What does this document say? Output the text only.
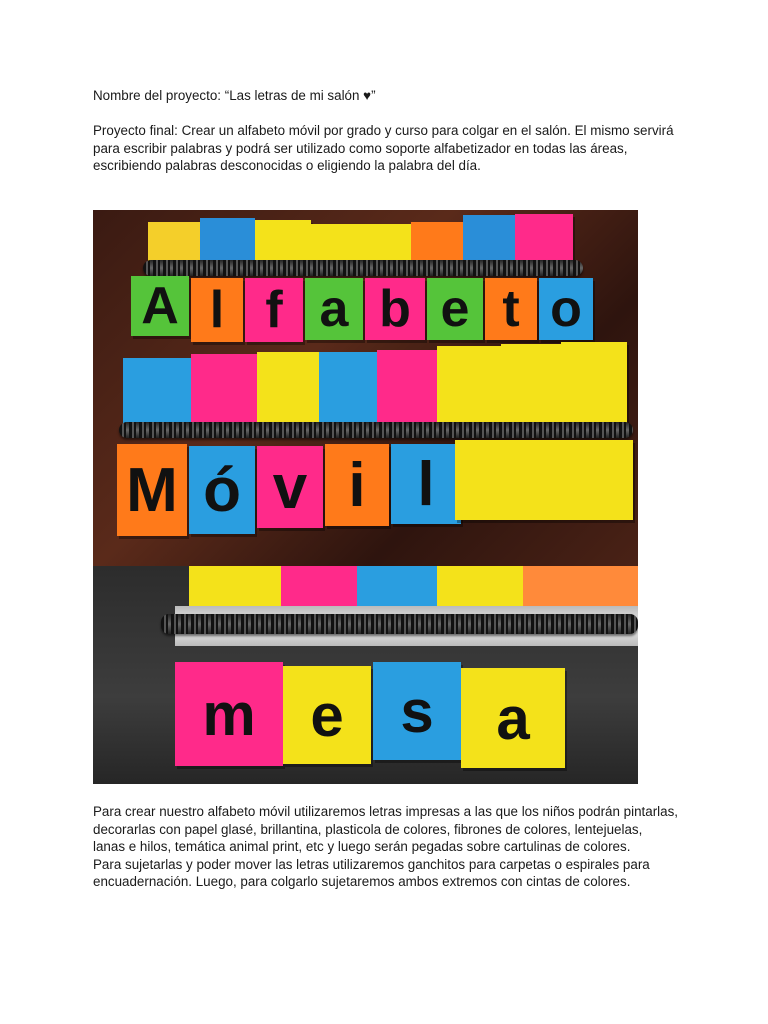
Nombre del proyecto: “Las letras de mi salón ♥”

Proyecto final: Crear un alfabeto móvil por grado y curso para colgar en el salón. El mismo servirá para escribir palabras y podrá ser utilizado como soporte alfabetizador en todas las áreas, escribiendo palabras desconocidas o eligiendo la palabra del día.

A l f a b e t o
M ó v i l
m e s	a

Para crear nuestro alfabeto móvil utilizaremos letras impresas a las que los niños podrán pintarlas, decorarlas con papel glasé, brillantina, plasticola de colores, fibrones de colores, lentejuelas, lanas e hilos, temática animal print, etc y luego serán pegadas sobre cartulinas de colores.

Para sujetarlas y poder mover las letras utilizaremos ganchitos para carpetas o espirales para encuadernación. Luego, para colgarlo sujetaremos ambos extremos con cintas de colores.
